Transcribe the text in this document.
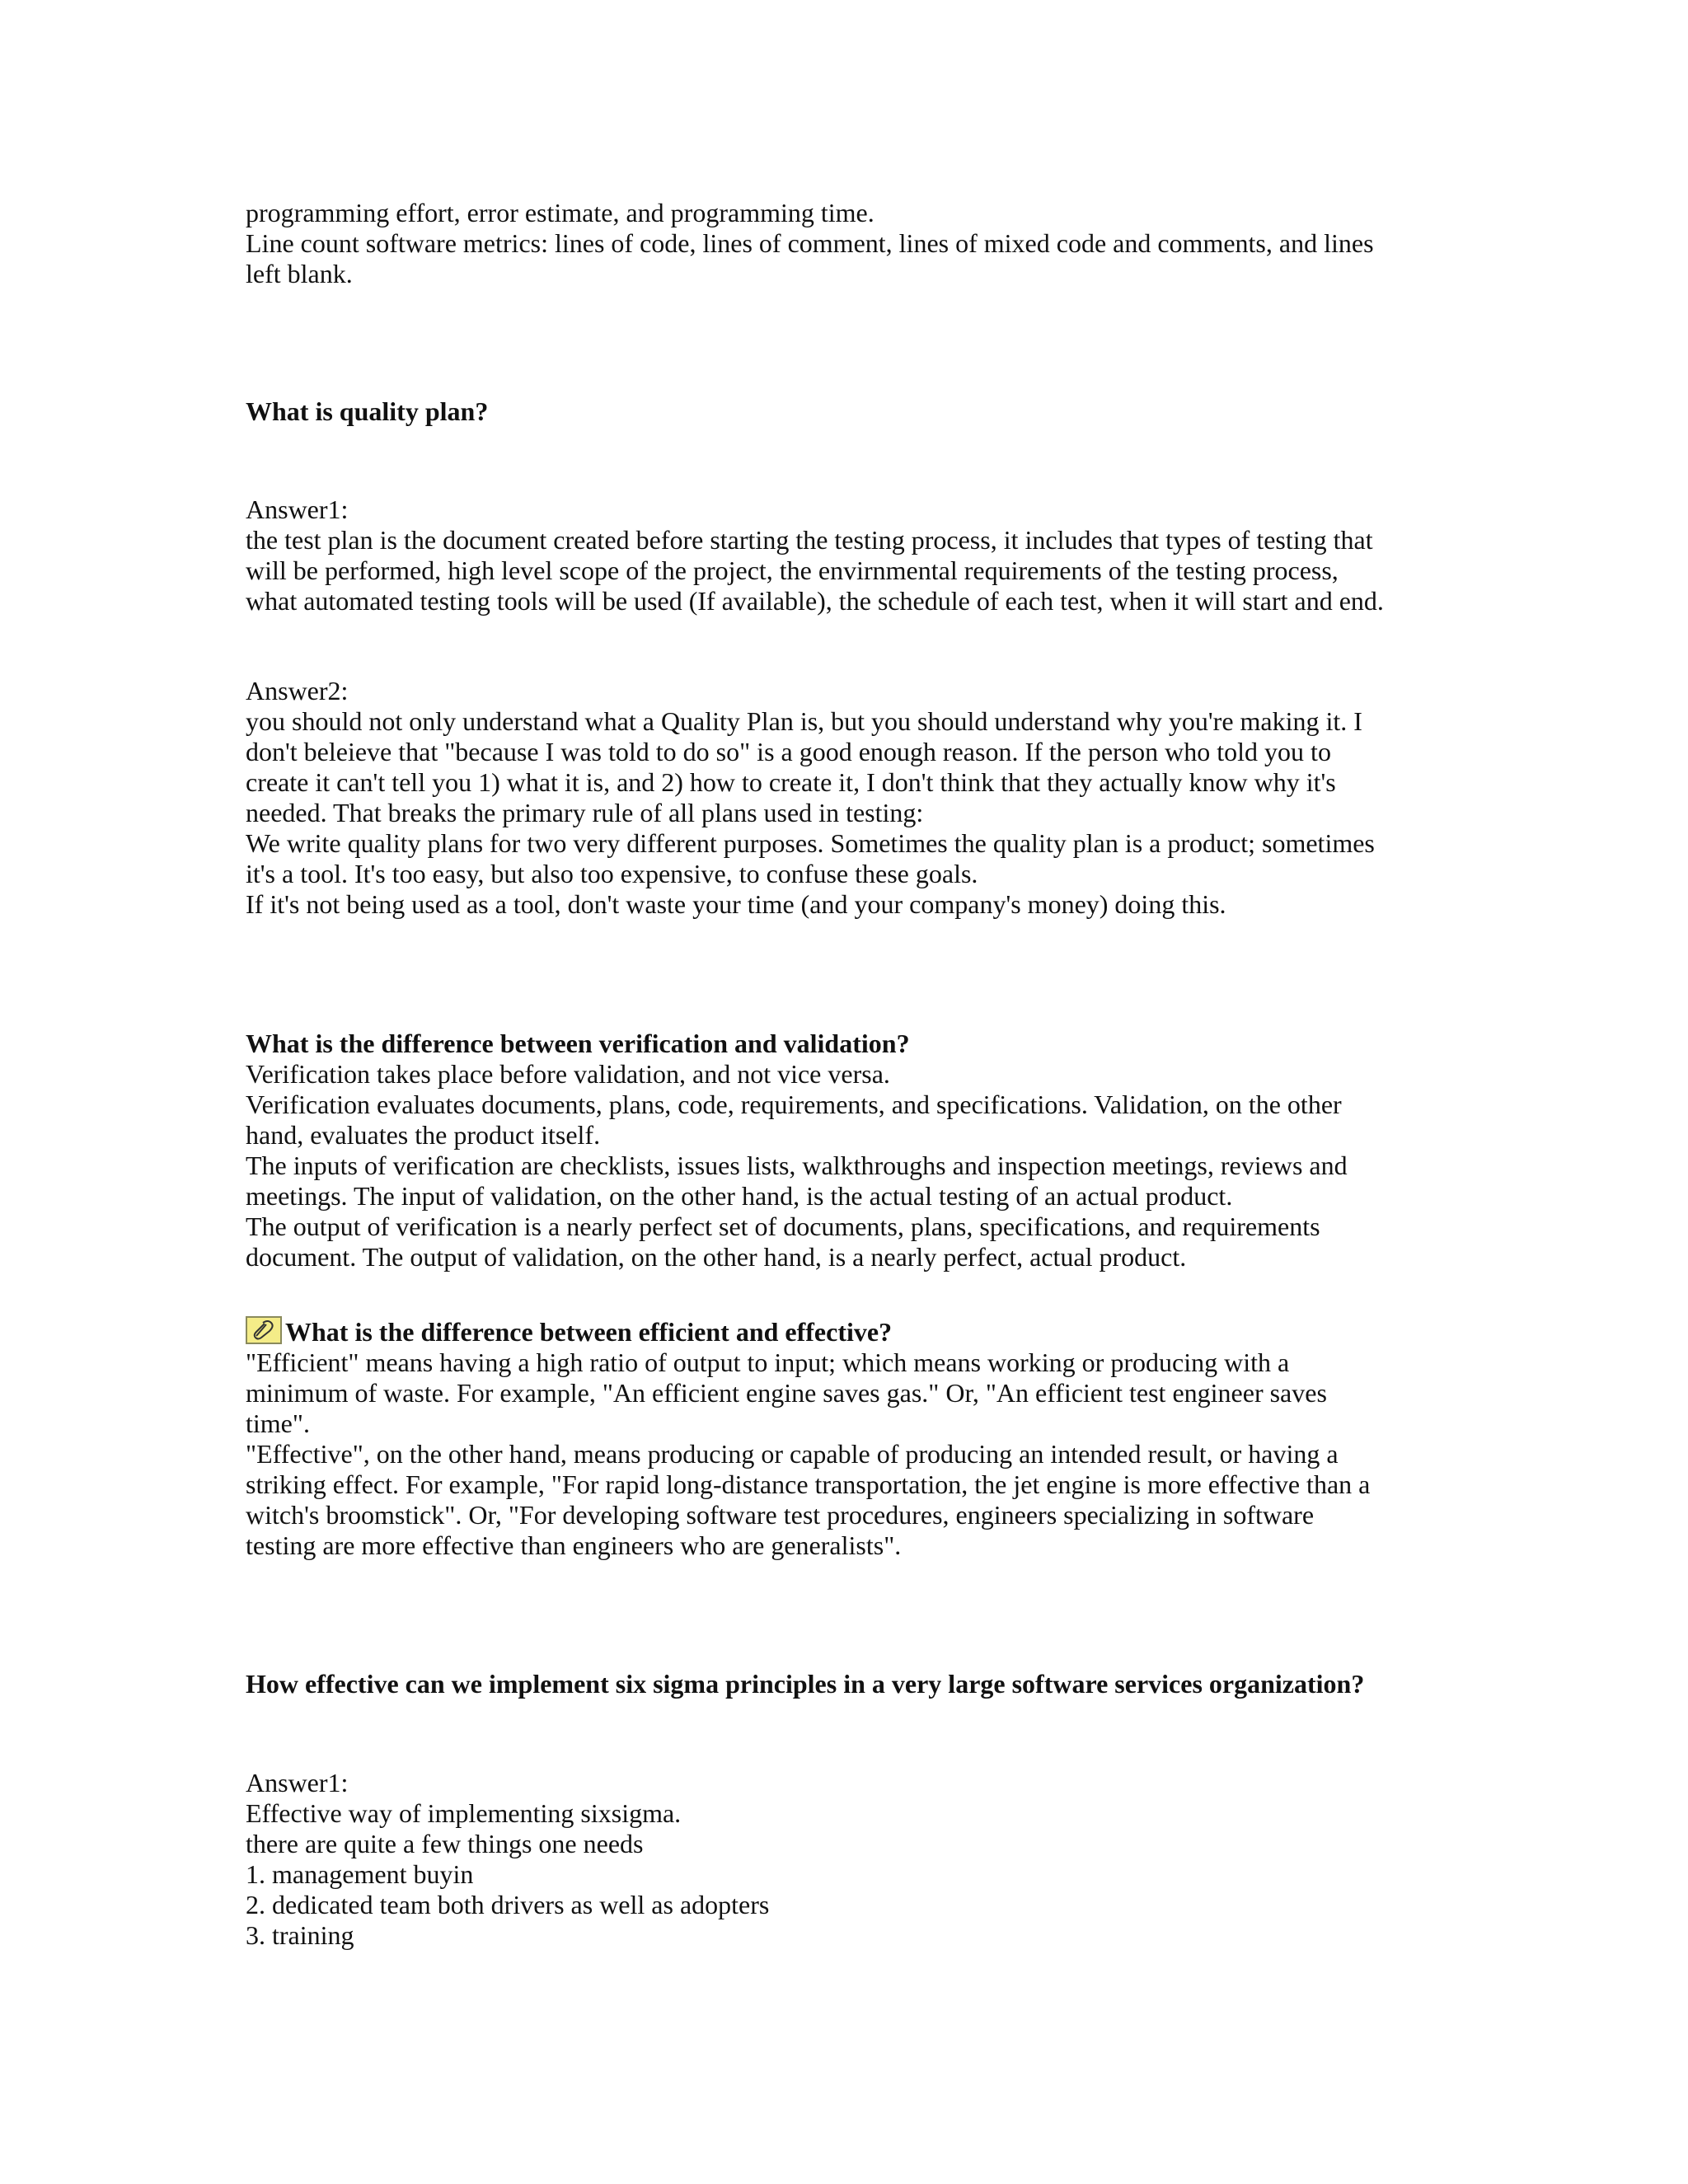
programming effort, error estimate, and programming time.
Line count software metrics: lines of code, lines of comment, lines of mixed code and comments, and lines
left blank.
What is quality plan?
Answer1:
the test plan is the document created before starting the testing process, it includes that types of testing that
will be performed, high level scope of the project, the envirnmental requirements of the testing process,
what automated testing tools will be used (If available), the schedule of each test, when it will start and end.
Answer2:
you should not only understand what a Quality Plan is, but you should understand why you're making it. I
don't beleieve that "because I was told to do so" is a good enough reason. If the person who told you to
create it can't tell you 1) what it is, and 2) how to create it, I don't think that they actually know why it's
needed. That breaks the primary rule of all plans used in testing:
We write quality plans for two very different purposes. Sometimes the quality plan is a product; sometimes
it's a tool. It's too easy, but also too expensive, to confuse these goals.
If it's not being used as a tool, don't waste your time (and your company's money) doing this.
What is the difference between verification and validation?
Verification takes place before validation, and not vice versa.
Verification evaluates documents, plans, code, requirements, and specifications. Validation, on the other
hand, evaluates the product itself.
The inputs of verification are checklists, issues lists, walkthroughs and inspection meetings, reviews and
meetings. The input of validation, on the other hand, is the actual testing of an actual product.
The output of verification is a nearly perfect set of documents, plans, specifications, and requirements
document. The output of validation, on the other hand, is a nearly perfect, actual product.
What is the difference between efficient and effective?
"Efficient" means having a high ratio of output to input; which means working or producing with a
minimum of waste. For example, "An efficient engine saves gas." Or, "An efficient test engineer saves
time".
"Effective", on the other hand, means producing or capable of producing an intended result, or having a
striking effect. For example, "For rapid long-distance transportation, the jet engine is more effective than a
witch's broomstick". Or, "For developing software test procedures, engineers specializing in software
testing are more effective than engineers who are generalists".
How effective can we implement six sigma principles in a very large software services organization?
Answer1:
Effective way of implementing sixsigma.
there are quite a few things one needs
1. management buyin
2. dedicated team both drivers as well as adopters
3. training
